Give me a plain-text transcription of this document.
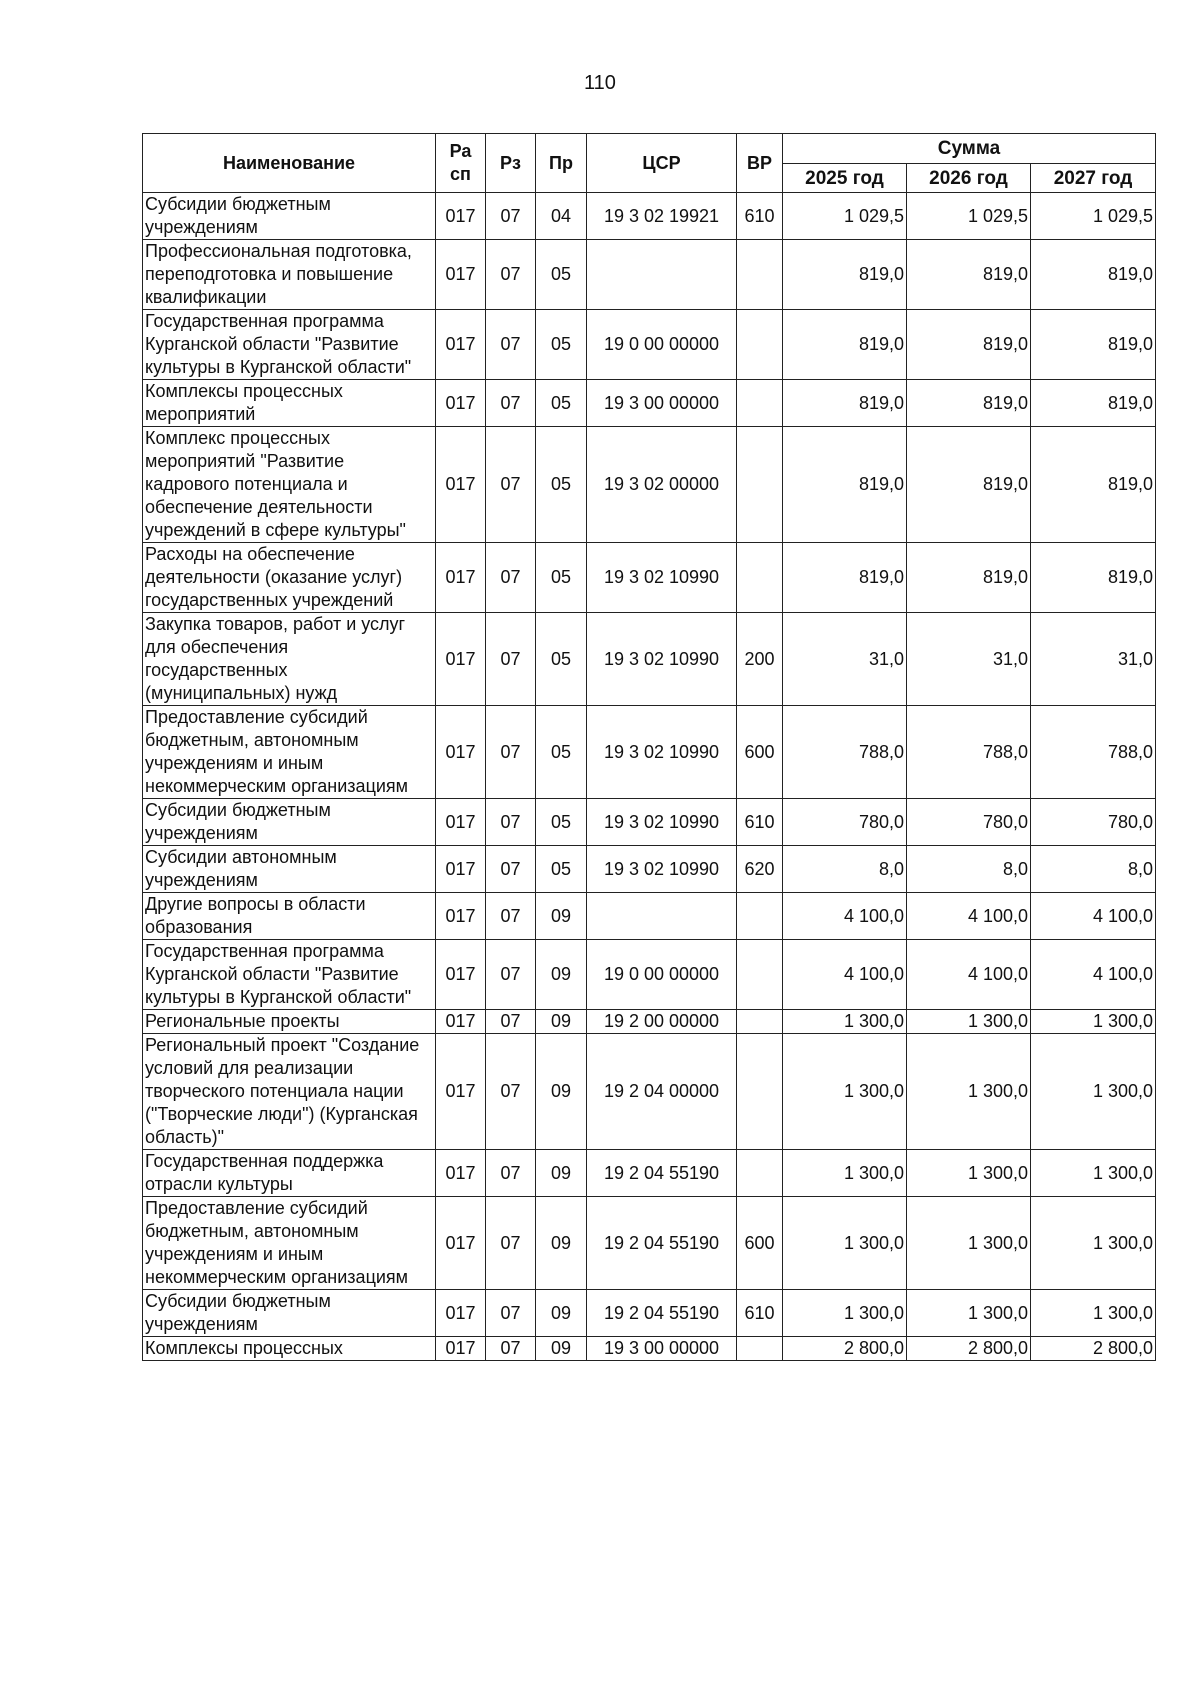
110
Наименование	Ра сп	Рз	Пр	ЦСР	ВР	Сумма		
						2025 год	2026 год	2027 год
Субсидии бюджетным учреждениям	017	07	04	19 3 02 19921	610	1 029,5	1 029,5	1 029,5
Профессиональная подготовка, переподготовка и повышение квалификации	017	07	05			819,0	819,0	819,0
Государственная программа Курганской области "Развитие культуры в Курганской области"	017	07	05	19 0 00 00000		819,0	819,0	819,0
Комплексы процессных мероприятий	017	07	05	19 3 00 00000		819,0	819,0	819,0
Комплекс процессных мероприятий "Развитие кадрового потенциала и обеспечение деятельности учреждений в сфере культуры"	017	07	05	19 3 02 00000		819,0	819,0	819,0
Расходы на обеспечение деятельности (оказание услуг) государственных учреждений	017	07	05	19 3 02 10990		819,0	819,0	819,0
Закупка товаров, работ и услуг для обеспечения государственных (муниципальных) нужд	017	07	05	19 3 02 10990	200	31,0	31,0	31,0
Предоставление субсидий бюджетным, автономным учреждениям и иным некоммерческим организациям	017	07	05	19 3 02 10990	600	788,0	788,0	788,0
Субсидии бюджетным учреждениям	017	07	05	19 3 02 10990	610	780,0	780,0	780,0
Субсидии автономным учреждениям	017	07	05	19 3 02 10990	620	8,0	8,0	8,0
Другие вопросы в области образования	017	07	09			4 100,0	4 100,0	4 100,0
Государственная программа Курганской области "Развитие культуры в Курганской области"	017	07	09	19 0 00 00000		4 100,0	4 100,0	4 100,0
Региональные проекты	017	07	09	19 2 00 00000		1 300,0	1 300,0	1 300,0
Региональный проект "Создание условий для реализации творческого потенциала нации ("Творческие люди") (Курганская область)"	017	07	09	19 2 04 00000		1 300,0	1 300,0	1 300,0
Государственная поддержка отрасли культуры	017	07	09	19 2 04 55190		1 300,0	1 300,0	1 300,0
Предоставление субсидий бюджетным, автономным учреждениям и иным некоммерческим организациям	017	07	09	19 2 04 55190	600	1 300,0	1 300,0	1 300,0
Субсидии бюджетным учреждениям	017	07	09	19 2 04 55190	610	1 300,0	1 300,0	1 300,0
Комплексы процессных	017	07	09	19 3 00 00000		2 800,0	2 800,0	2 800,0
